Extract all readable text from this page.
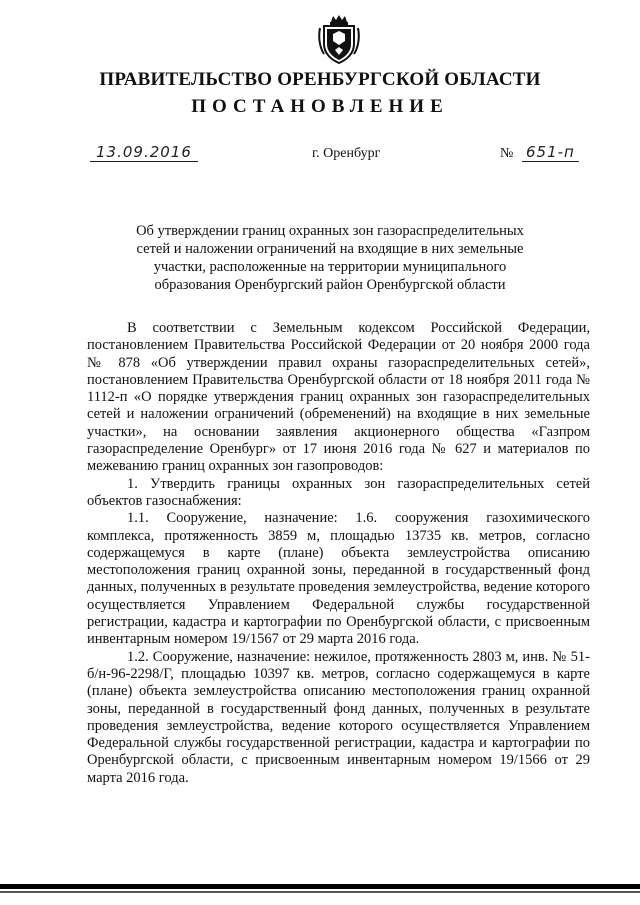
ПРАВИТЕЛЬСТВО ОРЕНБУРГСКОЙ ОБЛАСТИ
ПОСТАНОВЛЕНИЕ
13.09.2016	г. Оренбург	№ 651-п
Об утверждении границ охранных зон газораспределительных сетей и наложении ограничений на входящие в них земельные участки, расположенные на территории муниципального образования Оренбургский район Оренбургской области

В соответствии с Земельным кодексом Российской Федерации, постановлением Правительства Российской Федерации от 20 ноября 2000 года № 878 «Об утверждении правил охраны газораспределительных сетей», постановлением Правительства Оренбургской области от 18 ноября 2011 года № 1112-п «О порядке утверждения границ охранных зон газораспределительных сетей и наложении ограничений (обременений) на входящие в них земельные участки», на основании заявления акционерного общества «Газпром газораспределение Оренбург» от 17 июня 2016 года № 627 и материалов по межеванию границ охранных зон газопроводов:

1. Утвердить границы охранных зон газораспределительных сетей объектов газоснабжения:

1.1. Сооружение, назначение: 1.6. сооружения газохимического комплекса, протяженность 3859 м, площадью 13735 кв. метров, согласно содержащемуся в карте (плане) объекта землеустройства описанию местоположения границ охранной зоны, переданной в государственный фонд данных, полученных в результате проведения землеустройства, ведение которого осуществляется Управлением Федеральной службы государственной регистрации, кадастра и картографии по Оренбургской области, с присвоенным инвентарным номером 19/1567 от 29 марта 2016 года.

1.2. Сооружение, назначение: нежилое, протяженность 2803 м, инв. № 51-б/н-96-2298/Г, площадью 10397 кв. метров, согласно содержащемуся в карте (плане) объекта землеустройства описанию местоположения границ охранной зоны, переданной в государственный фонд данных, полученных в результате проведения землеустройства, ведение которого осуществляется Управлением Федеральной службы государственной регистрации, кадастра и картографии по Оренбургской области, с присвоенным инвентарным номером 19/1566 от 29 марта 2016 года.
